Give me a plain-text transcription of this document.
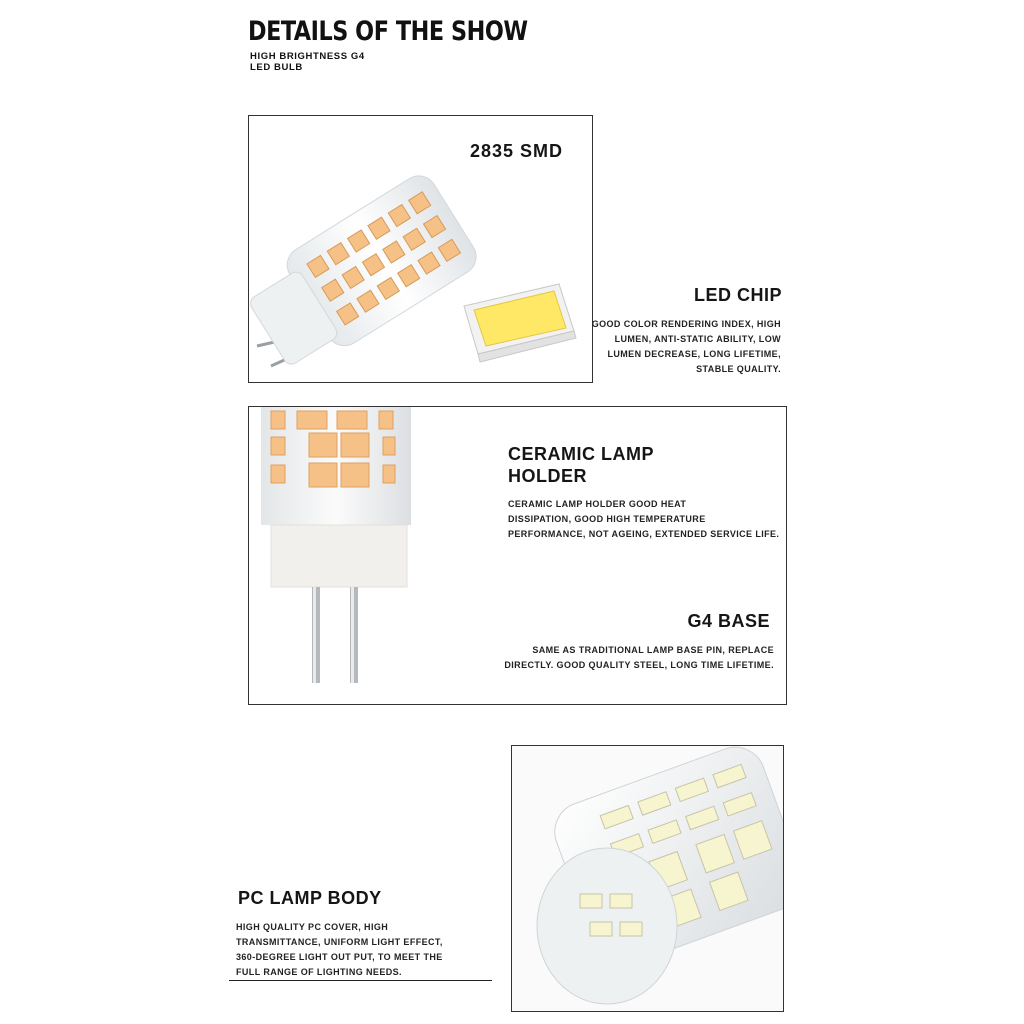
DETAILS OF THE SHOW
HIGH BRIGHTNESS G4
LED BULB
2835 SMD
LED CHIP
GOOD COLOR RENDERING INDEX, HIGH
LUMEN, ANTI-STATIC ABILITY, LOW
LUMEN DECREASE, LONG LIFETIME,
STABLE QUALITY.
CERAMIC LAMP
HOLDER
CERAMIC LAMP HOLDER GOOD HEAT
DISSIPATION, GOOD HIGH TEMPERATURE
PERFORMANCE, NOT AGEING, EXTENDED SERVICE LIFE.
G4 BASE
SAME AS TRADITIONAL LAMP BASE PIN, REPLACE
DIRECTLY. GOOD QUALITY STEEL, LONG TIME LIFETIME.
PC LAMP BODY
HIGH QUALITY PC COVER, HIGH
TRANSMITTANCE, UNIFORM LIGHT EFFECT,
360-DEGREE LIGHT OUT PUT, TO MEET THE
FULL RANGE OF LIGHTING NEEDS.
